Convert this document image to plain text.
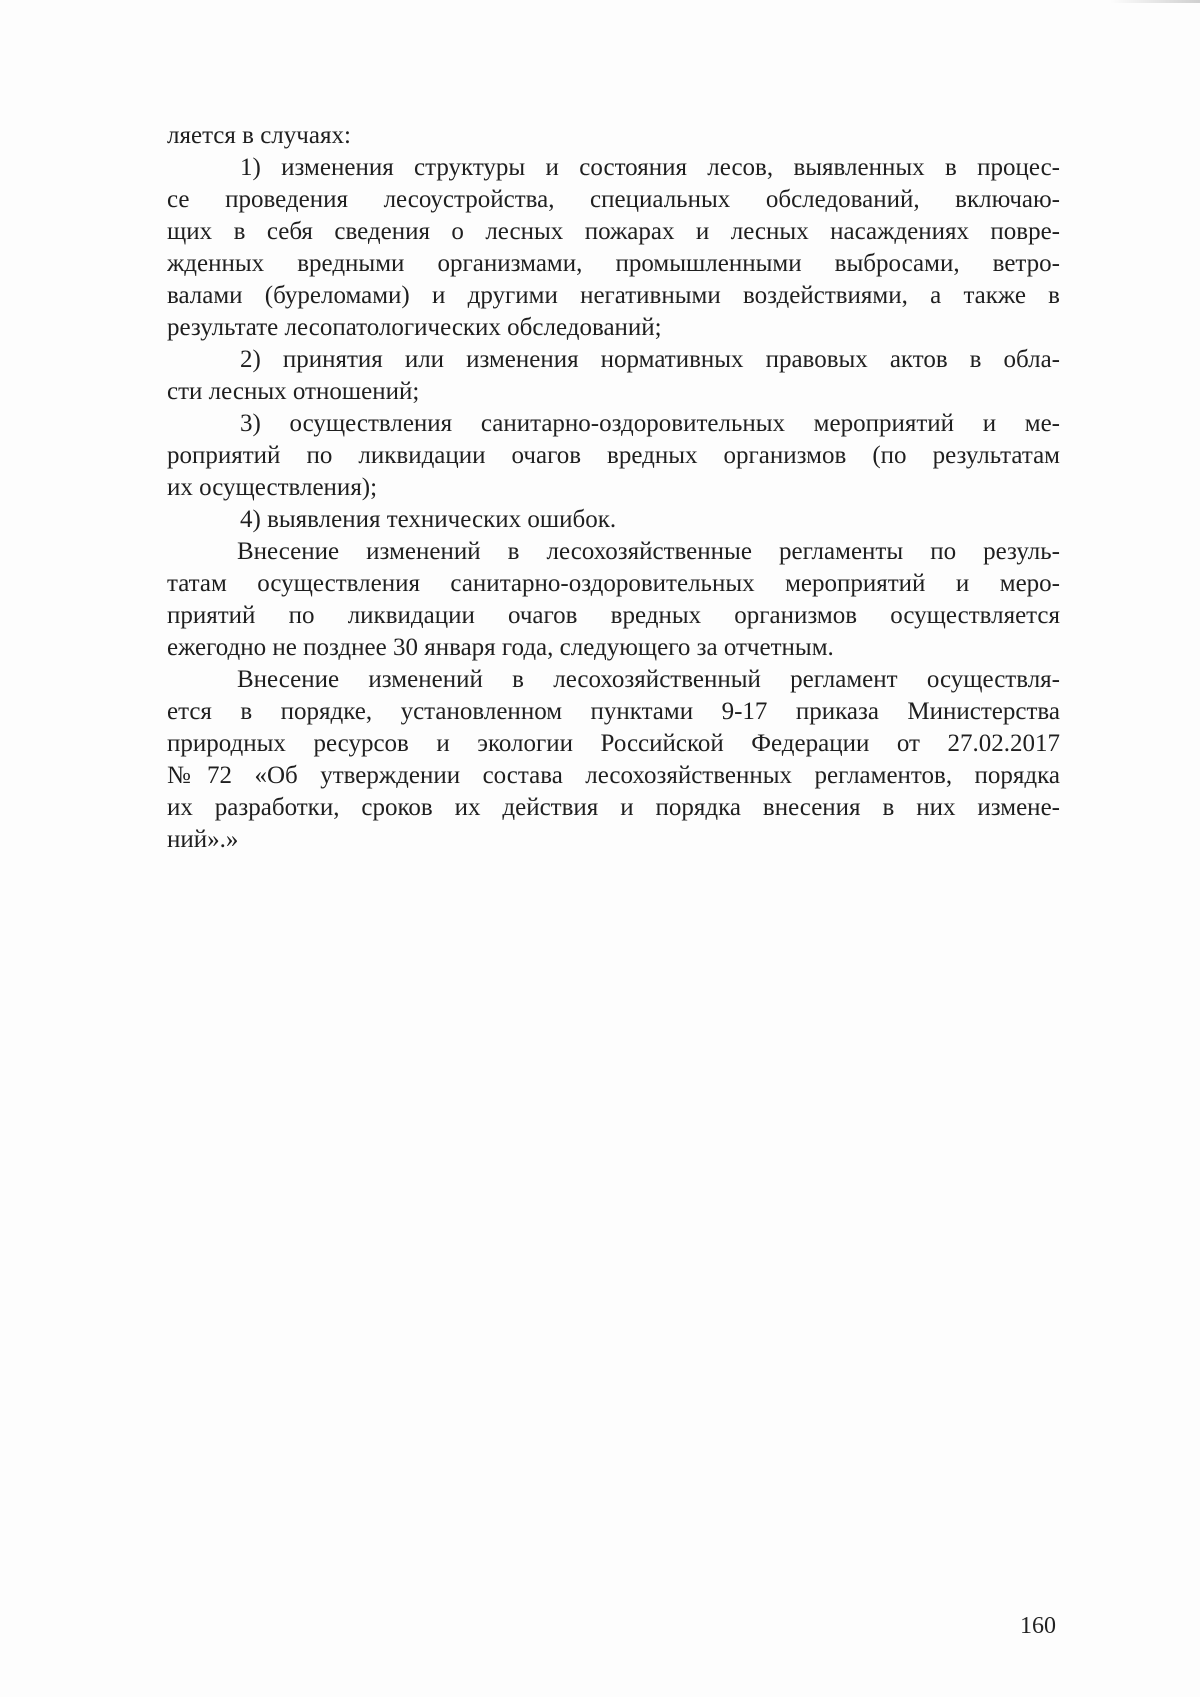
ляется в случаях:
1) изменения структуры и состояния лесов, выявленных в процес-
се проведения лесоустройства, специальных обследований, включаю-
щих в себя сведения о лесных пожарах и лесных насаждениях повре-
жденных вредными организмами, промышленными выбросами, ветро-
валами (буреломами) и другими негативными воздействиями, а также в
результате лесопатологических обследований;
2) принятия или изменения нормативных правовых актов в обла-
сти лесных отношений;
3) осуществления санитарно-оздоровительных мероприятий и ме-
роприятий по ликвидации очагов вредных организмов (по результатам
их осуществления);
4) выявления технических ошибок.
Внесение изменений в лесохозяйственные регламенты по резуль-
татам осуществления санитарно-оздоровительных мероприятий и меро-
приятий по ликвидации очагов вредных организмов осуществляется
ежегодно не позднее 30 января года, следующего за отчетным.
Внесение изменений в лесохозяйственный регламент осуществля-
ется в порядке, установленном пунктами 9-17 приказа Министерства
природных ресурсов и экологии Российской Федерации от 27.02.2017
№72 «Об утверждении состава лесохозяйственных регламентов, порядка
их разработки, сроков их действия и порядка внесения в них измене-
ний».»
160
